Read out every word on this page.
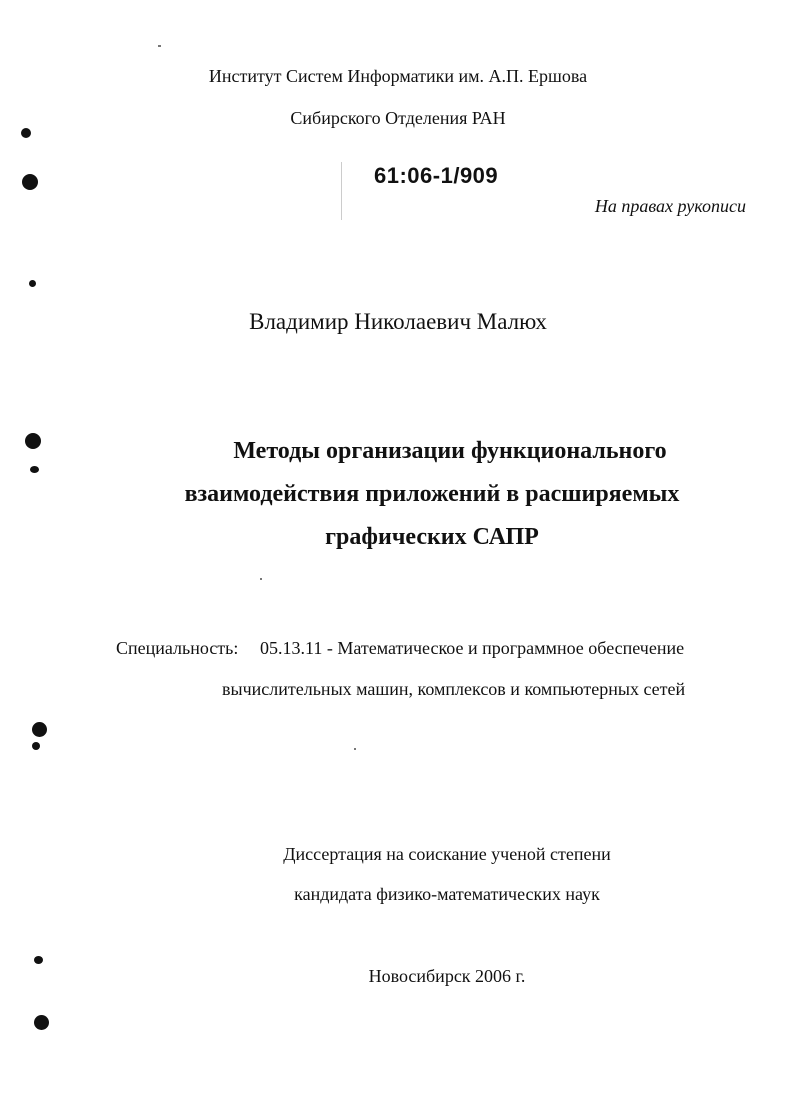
Институт Систем Информатики им. А.П. Ершова
Сибирского Отделения РАН
61:06-1/909
На правах рукописи
Владимир Николаевич Малюх
Методы организации функционального
взаимодействия приложений в расширяемых
графических САПР
Специальность: 05.13.11 - Математическое и программное обеспечение
вычислительных машин, комплексов и компьютерных сетей
Диссертация на соискание ученой степени
кандидата физико-математических наук
Новосибирск 2006 г.
